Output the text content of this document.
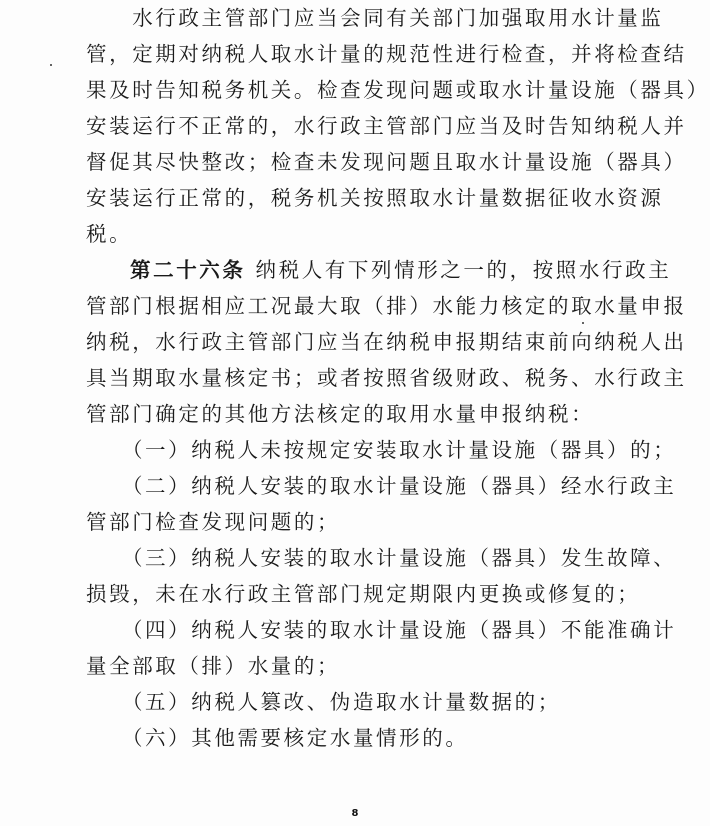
　　水行政主管部门应当会同有关部门加强取用水计量监
管，定期对纳税人取水计量的规范性进行检查，并将检查结
果及时告知税务机关。检查发现问题或取水计量设施（器具）
安装运行不正常的，水行政主管部门应当及时告知纳税人并
督促其尽快整改；检查未发现问题且取水计量设施（器具）
安装运行正常的，税务机关按照取水计量数据征收水资源
税。
第二十六条 纳税人有下列情形之一的，按照水行政主
管部门根据相应工况最大取（排）水能力核定的取水量申报
纳税，水行政主管部门应当在纳税申报期结束前向纳税人出
具当期取水量核定书；或者按照省级财政、税务、水行政主
管部门确定的其他方法核定的取用水量申报纳税：
　　（一）纳税人未按规定安装取水计量设施（器具）的；
　　（二）纳税人安装的取水计量设施（器具）经水行政主
管部门检查发现问题的；
　　（三）纳税人安装的取水计量设施（器具）发生故障、
损毁，未在水行政主管部门规定期限内更换或修复的；
　　（四）纳税人安装的取水计量设施（器具）不能准确计
量全部取（排）水量的；
　　（五）纳税人篡改、伪造取水计量数据的；
　　（六）其他需要核定水量情形的。
8
